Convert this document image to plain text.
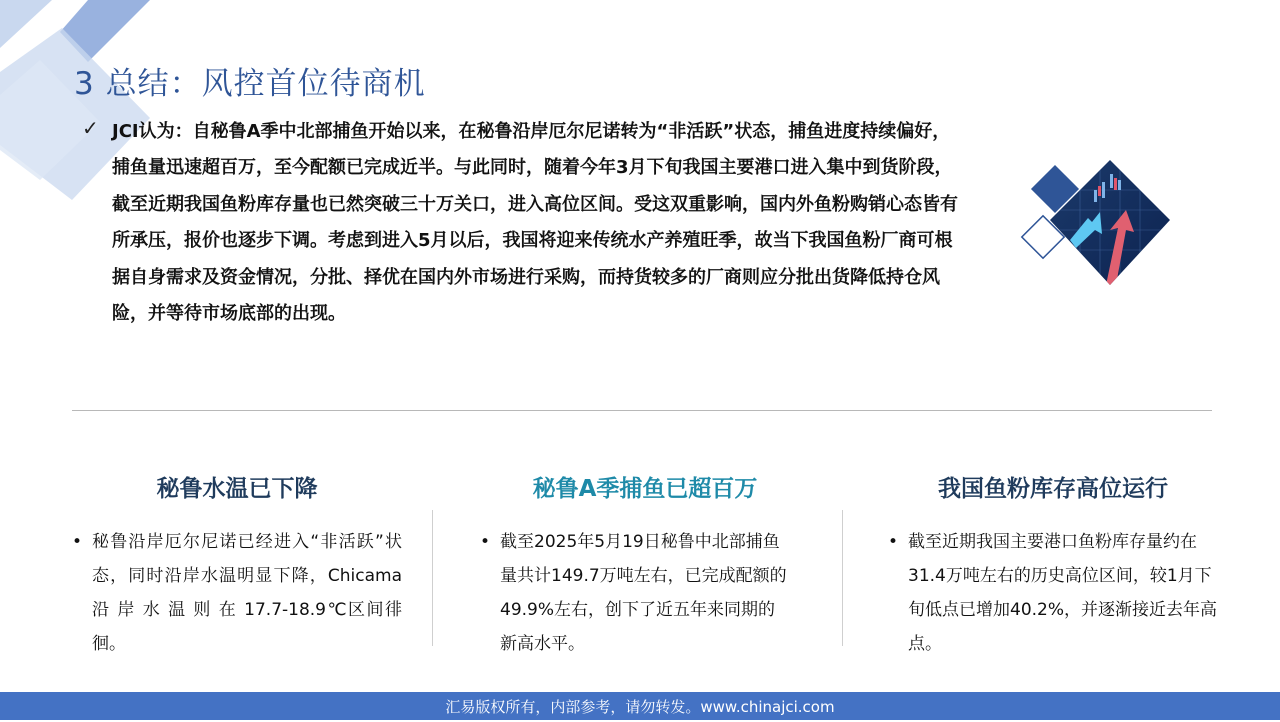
3 总结：风控首位待商机
✓ JCI认为：自秘鲁A季中北部捕鱼开始以来，在秘鲁沿岸厄尔尼诺转为“非活跃”状态，捕鱼进度持续偏好，捕鱼量迅速超百万，至今配额已完成近半。与此同时，随着今年3月下旬我国主要港口进入集中到货阶段，截至近期我国鱼粉库存量也已然突破三十万关口，进入高位区间。受这双重影响，国内外鱼粉购销心态皆有所承压，报价也逐步下调。考虑到进入5月以后，我国将迎来传统水产养殖旺季，故当下我国鱼粉厂商可根据自身需求及资金情况，分批、择优在国内外市场进行采购，而持货较多的厂商则应分批出货降低持仓风险，并等待市场底部的出现。
秘鲁水温已下降
• 秘鲁沿岸厄尔尼诺已经进入“非活跃”状态，同时沿岸水温明显下降，Chicama 沿 岸 水 温 则 在 17.7-18.9℃区间徘徊。
秘鲁A季捕鱼已超百万
• 截至2025年5月19日秘鲁中北部捕鱼量共计149.7万吨左右，已完成配额的49.9%左右，创下了近五年来同期的新高水平。
我国鱼粉库存高位运行
• 截至近期我国主要港口鱼粉库存量约在31.4万吨左右的历史高位区间，较1月下旬低点已增加40.2%，并逐渐接近去年高点。
汇易版权所有，内部参考，请勿转发。www.chinajci.com
